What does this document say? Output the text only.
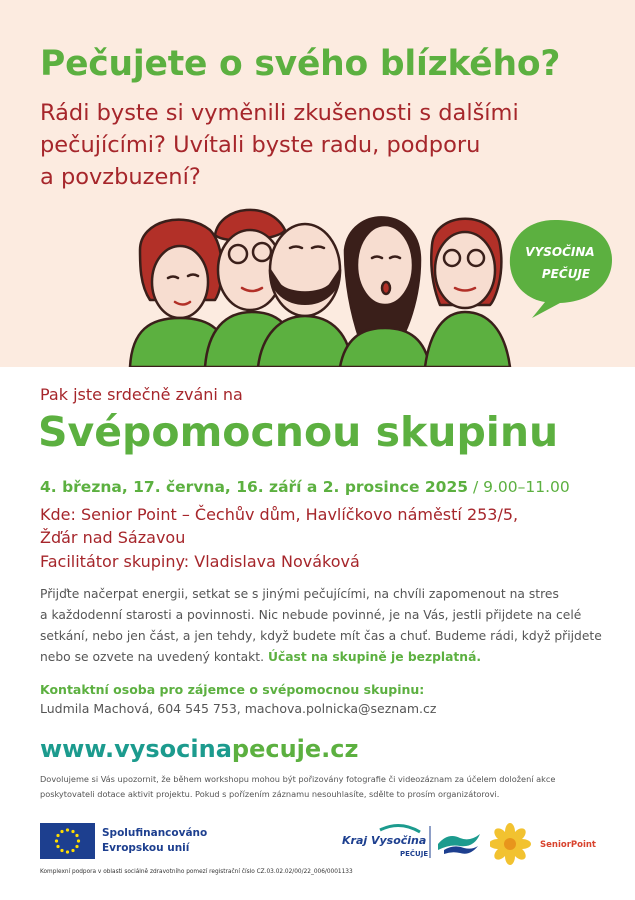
Pečujete o svého blízkého?

Rádi byste si vyměnili zkušenosti s dalšími
pečujícími? Uvítali byste radu, podporu
a povzbuzení?

VYSOČINA
PEČUJE
Pak jste srdečně zváni na
Svépomocnou skupinu
4. března, 17. června, 16. září a 2. prosince 2025 / 9.00–11.00
Kde: Senior Point – Čechův dům, Havlíčkovo náměstí 253/5,
Žďár nad Sázavou
Facilitátor skupiny: Vladislava Nováková
Přijďte načerpat energii, setkat se s jinými pečujícími, na chvíli zapomenout na stres
a každodenní starosti a povinnosti. Nic nebude povinné, je na Vás, jestli přijdete na celé
setkání, nebo jen část, a jen tehdy, když budete mít čas a chuť. Budeme rádi, když přijdete
nebo se ozvete na uvedený kontakt. Účast na skupině je bezplatná.
Kontaktní osoba pro zájemce o svépomocnou skupinu:
Ludmila Machová, 604 545 753, machova.polnicka@seznam.cz
www.vysocinapecuje.cz
Dovolujeme si Vás upozornit, že během workshopu mohou být pořizovány fotografie či videozáznam za účelem doložení akce
poskytovateli dotace aktivit projektu. Pokud s pořízením záznamu nesouhlasíte, sdělte to prosím organizátorovi.
Spolufinancováno
Evropskou unií
Kraj Vysočina
PEČUJE
SeniorPoint
Komplexní podpora v oblasti sociálně zdravotního pomezí registrační číslo CZ.03.02.02/00/22_006/0001133
